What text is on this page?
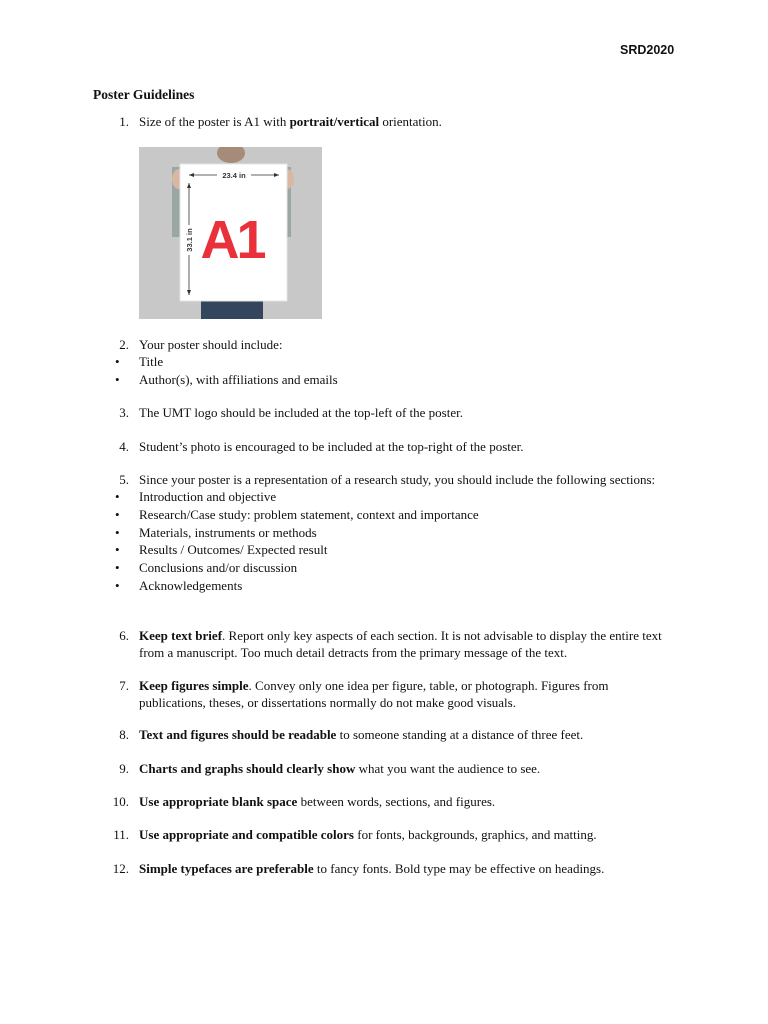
SRD2020
Poster Guidelines
1. Size of the poster is A1 with portrait/vertical orientation.
23.4 in
33.1 in A1
2. Your poster should include:
• Title
• Author(s), with affiliations and emails
3. The UMT logo should be included at the top-left of the poster.
4. Student’s photo is encouraged to be included at the top-right of the poster.
5. Since your poster is a representation of a research study, you should include the following sections:
• Introduction and objective
• Research/Case study: problem statement, context and importance
• Materials, instruments or methods
• Results / Outcomes/ Expected result
• Conclusions and/or discussion
• Acknowledgements
6. Keep text brief. Report only key aspects of each section. It is not advisable to display the entire text from a manuscript. Too much detail detracts from the primary message of the text.
7. Keep figures simple. Convey only one idea per figure, table, or photograph. Figures from publications, theses, or dissertations normally do not make good visuals.
8. Text and figures should be readable to someone standing at a distance of three feet.
9. Charts and graphs should clearly show what you want the audience to see.
10. Use appropriate blank space between words, sections, and figures.
11. Use appropriate and compatible colors for fonts, backgrounds, graphics, and matting.
12. Simple typefaces are preferable to fancy fonts. Bold type may be effective on headings.
